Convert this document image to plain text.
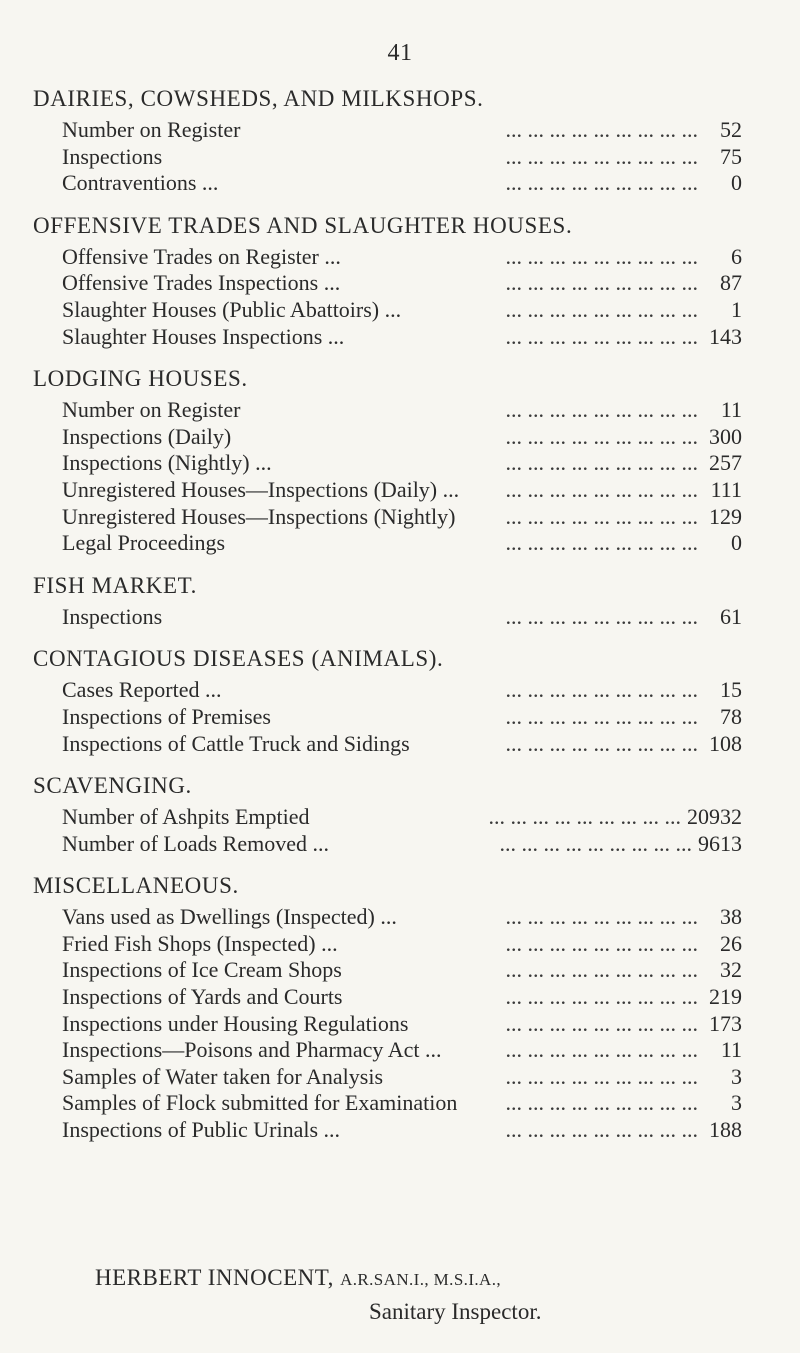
41
DAIRIES, COWSHEDS, AND MILKSHOPS.
Number on Register	... ... ... ... ... ... ... ... ...	52
Inspections	... ... ... ... ... ... ... ... ...	75
Contraventions ...	... ... ... ... ... ... ... ... ...	0
OFFENSIVE TRADES AND SLAUGHTER HOUSES.
Offensive Trades on Register ...	... ... ... ... ... ... ... ... ...	6
Offensive Trades Inspections ...	... ... ... ... ... ... ... ... ...	87
Slaughter Houses (Public Abattoirs) ...	... ... ... ... ... ... ... ... ...	1
Slaughter Houses Inspections ...	... ... ... ... ... ... ... ... ... 143
LODGING HOUSES.
Number on Register	... ... ... ... ... ... ... ... ...	11
Inspections (Daily)	... ... ... ... ... ... ... ... ... 300
Inspections (Nightly) ...	... ... ... ... ... ... ... ... ... 257
Unregistered Houses—Inspections (Daily) ...	... ... ... ... ... ... ... ... ... 111
Unregistered Houses—Inspections (Nightly)	... ... ... ... ... ... ... ... ... 129
Legal Proceedings	... ... ... ... ... ... ... ... ...	0
FISH MARKET.
Inspections	... ... ... ... ... ... ... ... ...	61
CONTAGIOUS DISEASES (ANIMALS).
Cases Reported ...	... ... ... ... ... ... ... ... ...	15
Inspections of Premises	... ... ... ... ... ... ... ... ...	78
Inspections of Cattle Truck and Sidings	... ... ... ... ... ... ... ... ... 108
SCAVENGING.
Number of Ashpits Emptied	... ... ... ... ... ... ... ... ... 20932
Number of Loads Removed ...	... ... ... ... ... ... ... ... ... 9613
MISCELLANEOUS.
Vans used as Dwellings (Inspected) ...	... ... ... ... ... ... ... ... ...	38
Fried Fish Shops (Inspected) ...	... ... ... ... ... ... ... ... ...	26
Inspections of Ice Cream Shops	... ... ... ... ... ... ... ... ...	32
Inspections of Yards and Courts	... ... ... ... ... ... ... ... ... 219
Inspections under Housing Regulations	... ... ... ... ... ... ... ... ... 173
Inspections—Poisons and Pharmacy Act ...	... ... ... ... ... ... ... ... ...	11
Samples of Water taken for Analysis	... ... ... ... ... ... ... ... ...	3
Samples of Flock submitted for Examination	... ... ... ... ... ... ... ... ...	3
Inspections of Public Urinals ...	... ... ... ... ... ... ... ... ... 188
HERBERT INNOCENT, A.R.SAN.I., M.S.I.A.,
Sanitary Inspector.
